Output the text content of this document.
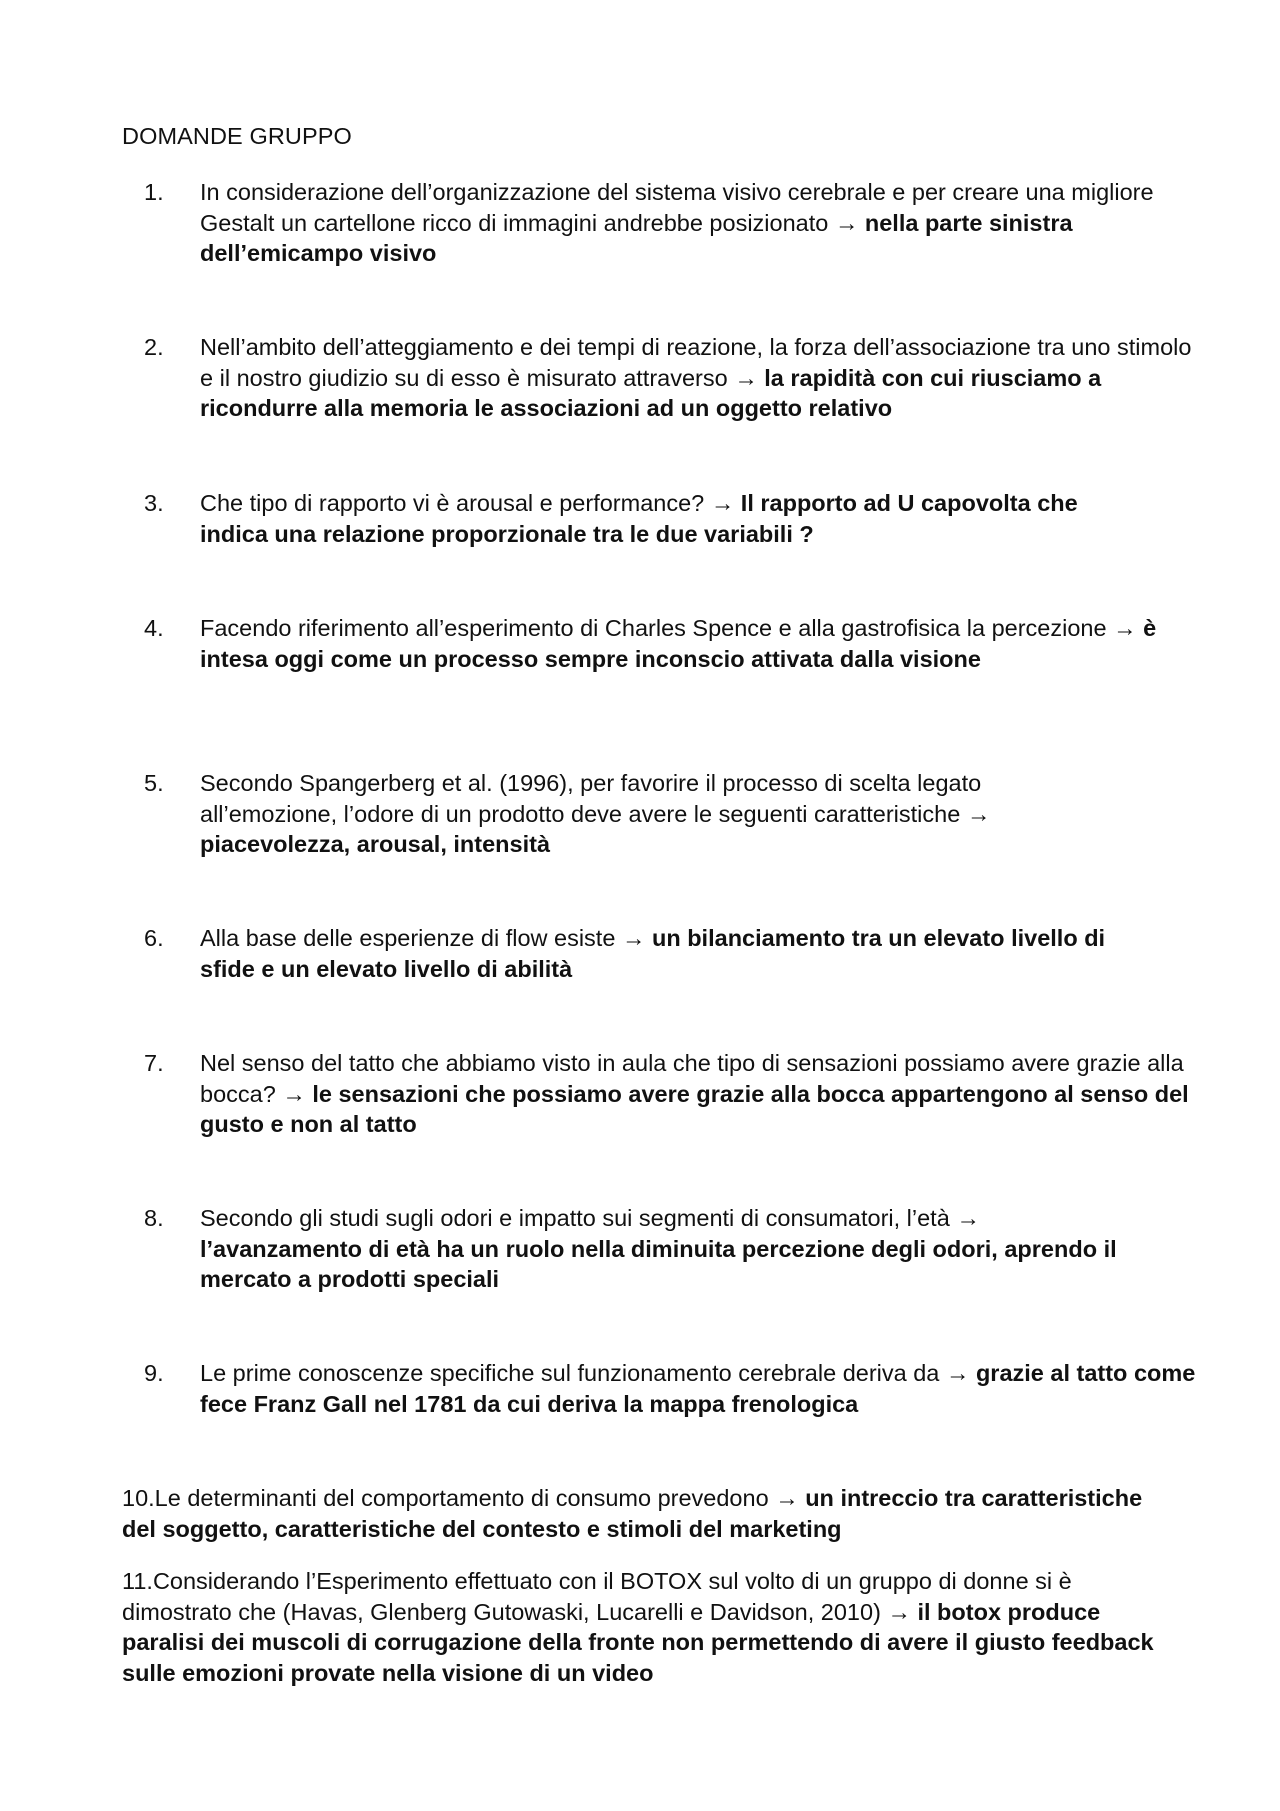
DOMANDE GRUPPO
1. In considerazione dell’organizzazione del sistema visivo cerebrale e per creare una migliore Gestalt un cartellone ricco di immagini andrebbe posizionato → nella parte sinistra dell’emicampo visivo
2. Nell’ambito dell’atteggiamento e dei tempi di reazione, la forza dell’associazione tra uno stimolo e il nostro giudizio su di esso è misurato attraverso → la rapidità con cui riusciamo a ricondurre alla memoria le associazioni ad un oggetto relativo
3. Che tipo di rapporto vi è arousal e performance? → Il rapporto ad U capovolta che indica una relazione proporzionale tra le due variabili ?
4. Facendo riferimento all’esperimento di Charles Spence e alla gastrofisica la percezione → è intesa oggi come un processo sempre inconscio attivata dalla visione
5. Secondo Spangerberg et al. (1996), per favorire il processo di scelta legato all’emozione, l’odore di un prodotto deve avere le seguenti caratteristiche → piacevolezza, arousal, intensità
6. Alla base delle esperienze di flow esiste → un bilanciamento tra un elevato livello di sfide e un elevato livello di abilità
7. Nel senso del tatto che abbiamo visto in aula che tipo di sensazioni possiamo avere grazie alla bocca? → le sensazioni che possiamo avere grazie alla bocca appartengono al senso del gusto e non al tatto
8. Secondo gli studi sugli odori e impatto sui segmenti di consumatori, l’età → l’avanzamento di età ha un ruolo nella diminuita percezione degli odori, aprendo il mercato a prodotti speciali
9. Le prime conoscenze specifiche sul funzionamento cerebrale deriva da → grazie al tatto come fece Franz Gall nel 1781 da cui deriva la mappa frenologica
10.Le determinanti del comportamento di consumo prevedono → un intreccio tra caratteristiche del soggetto, caratteristiche del contesto e stimoli del marketing
11.Considerando l’Esperimento effettuato con il BOTOX sul volto di un gruppo di donne si è dimostrato che (Havas, Glenberg Gutowaski, Lucarelli e Davidson, 2010) → il botox produce paralisi dei muscoli di corrugazione della fronte non permettendo di avere il giusto feedback sulle emozioni provate nella visione di un video
